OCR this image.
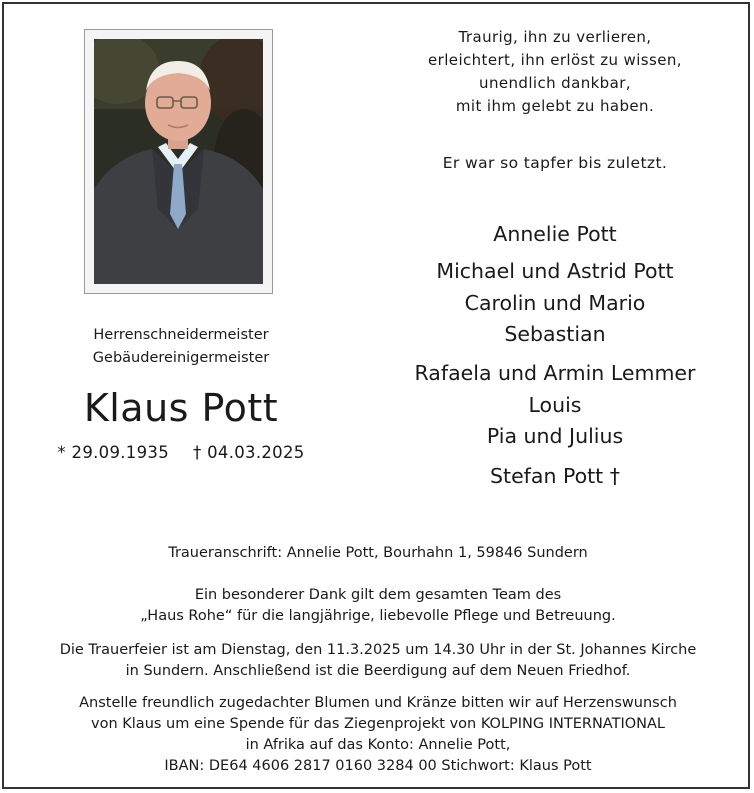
Herrenschneidermeister
Gebäudereinigermeister
Klaus Pott
* 29.09.1935 † 04.03.2025
Traurig, ihn zu verlieren,
erleichtert, ihn erlöst zu wissen,
unendlich dankbar,
mit ihm gelebt zu haben.
Er war so tapfer bis zuletzt.
Annelie Pott
Michael und Astrid Pott
Carolin und Mario
Sebastian
Rafaela und Armin Lemmer
Louis
Pia und Julius
Stefan Pott †

Traueranschrift: Annelie Pott, Bourhahn 1, 59846 Sundern

Ein besonderer Dank gilt dem gesamten Team des

„Haus Rohe“ für die langjährige, liebevolle Pflege und Betreuung.

Die Trauerfeier ist am Dienstag, den 11.3.2025 um 14.30 Uhr in der St. Johannes Kirche

in Sundern. Anschließend ist die Beerdigung auf dem Neuen Friedhof.

Anstelle freundlich zugedachter Blumen und Kränze bitten wir auf Herzenswunsch

von Klaus um eine Spende für das Ziegenprojekt von KOLPING INTERNATIONAL

in Afrika auf das Konto: Annelie Pott,

IBAN: DE64 4606 2817 0160 3284 00 Stichwort: Klaus Pott
